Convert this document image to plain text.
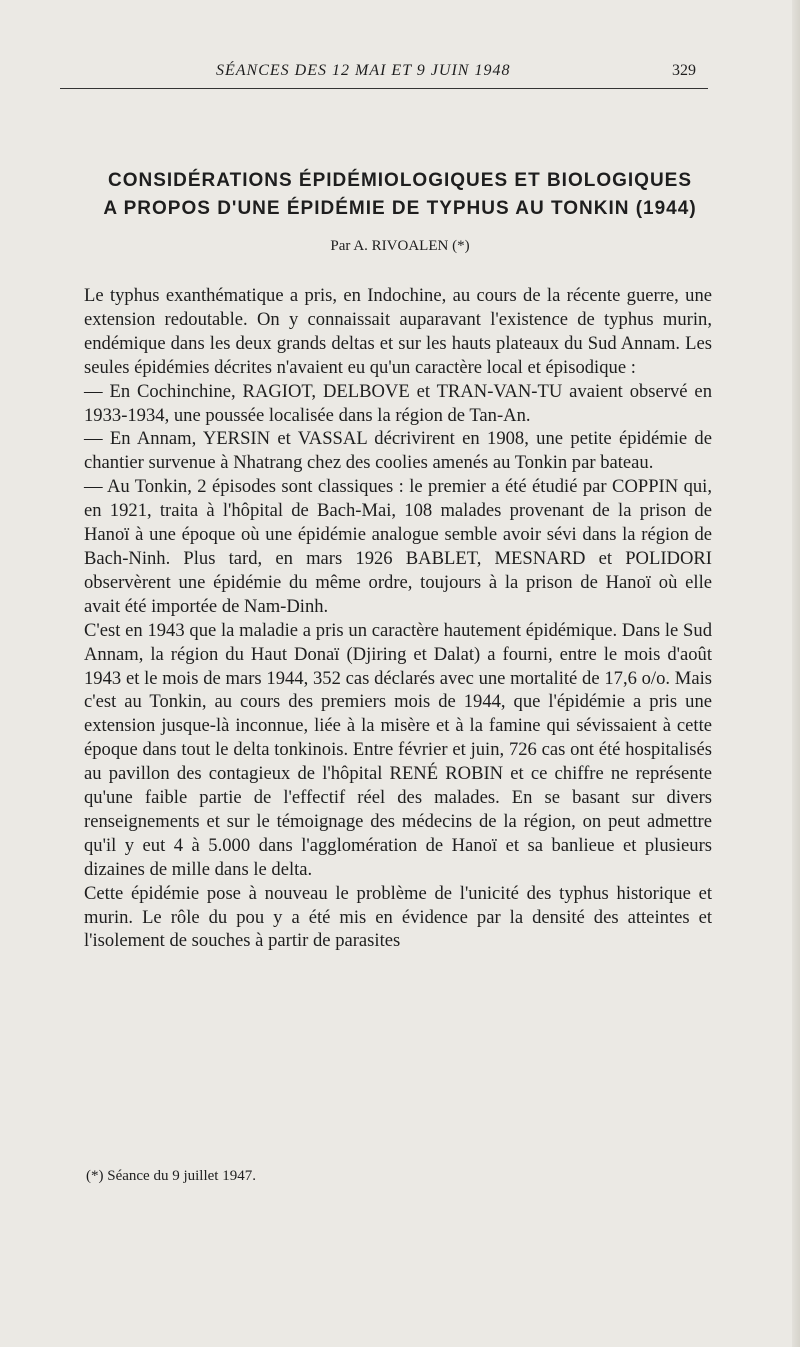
SÉANCES DES 12 MAI ET 9 JUIN 1948	329
CONSIDÉRATIONS ÉPIDÉMIOLOGIQUES ET BIOLOGIQUES
A PROPOS D'UNE ÉPIDÉMIE DE TYPHUS AU TONKIN (1944)
Par A. RIVOALEN (*)

Le typhus exanthématique a pris, en Indochine, au cours de la récente guerre, une extension redoutable. On y connaissait auparavant l'existence de typhus murin, endémique dans les deux grands deltas et sur les hauts plateaux du Sud Annam. Les seules épidémies décrites n'avaient eu qu'un caractère local et épisodique :

— En Cochinchine, RAGIOT, DELBOVE et TRAN-VAN-TU avaient observé en 1933-1934, une poussée localisée dans la région de Tan-An.

— En Annam, YERSIN et VASSAL décrivirent en 1908, une petite épidémie de chantier survenue à Nhatrang chez des coolies amenés au Tonkin par bateau.

— Au Tonkin, 2 épisodes sont classiques : le premier a été étudié par COPPIN qui, en 1921, traita à l'hôpital de Bach-Mai, 108 malades provenant de la prison de Hanoï à une époque où une épidémie analogue semble avoir sévi dans la région de Bach-Ninh. Plus tard, en mars 1926 BABLET, MESNARD et POLIDORI observèrent une épidémie du même ordre, toujours à la prison de Hanoï où elle avait été importée de Nam-Dinh.

C'est en 1943 que la maladie a pris un caractère hautement épidémique. Dans le Sud Annam, la région du Haut Donaï (Djiring et Dalat) a fourni, entre le mois d'août 1943 et le mois de mars 1944, 352 cas déclarés avec une mortalité de 17,6 o/o. Mais c'est au Tonkin, au cours des premiers mois de 1944, que l'épidémie a pris une extension jusque-là inconnue, liée à la misère et à la famine qui sévissaient à cette époque dans tout le delta tonkinois. Entre février et juin, 726 cas ont été hospitalisés au pavillon des contagieux de l'hôpital RENÉ ROBIN et ce chiffre ne représente qu'une faible partie de l'effectif réel des malades. En se basant sur divers renseignements et sur le témoignage des médecins de la région, on peut admettre qu'il y eut 4 à 5.000 dans l'agglomération de Hanoï et sa banlieue et plusieurs dizaines de mille dans le delta.

Cette épidémie pose à nouveau le problème de l'unicité des typhus historique et murin. Le rôle du pou y a été mis en évidence par la densité des atteintes et l'isolement de souches à partir de parasites

(*) Séance du 9 juillet 1947.
